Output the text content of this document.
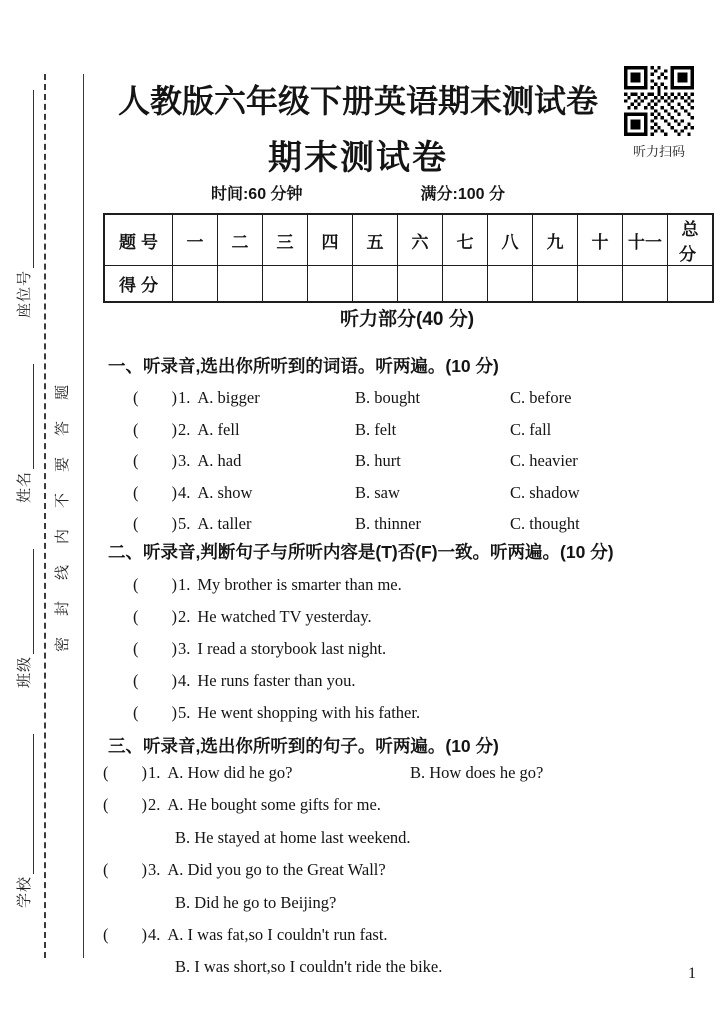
学校
班级
姓名
座位号
密封线内不要答题
人教版六年级下册英语期末测试卷
期末测试卷
时间:60 分钟	满分:100 分
听力扫码
题号	一	二	三	四	五	六	七	八	九	十	十一	总分
得分												
听力部分(40 分)
一、听录音,选出你所听到的词语。听两遍。(10 分)
(　　)1. A. bigger	B. bought	C. before
(　　)2. A. fell	B. felt	C. fall
(　　)3. A. had	B. hurt	C. heavier
(　　)4. A. show	B. saw	C. shadow
(　　)5. A. taller	B. thinner	C. thought
二、听录音,判断句子与所听内容是(T)否(F)一致。听两遍。(10 分)
(　　) 1. My brother is smarter than me.
(　　) 2. He watched TV yesterday.
(　　) 3. I read a storybook last night.
(　　) 4. He runs faster than you.
(　　) 5. He went shopping with his father.
三、听录音,选出你所听到的句子。听两遍。(10 分)
(　　)1. A. How did he go?	B. How does he go?
(　　) 2. A. He bought some gifts for me.
B. He stayed at home last weekend.
(　　) 3. A. Did you go to the Great Wall?
B. Did he go to Beijing?
(　　) 4. A. I was fat,so I couldn't run fast.
B. I was short,so I couldn't ride the bike.	1
